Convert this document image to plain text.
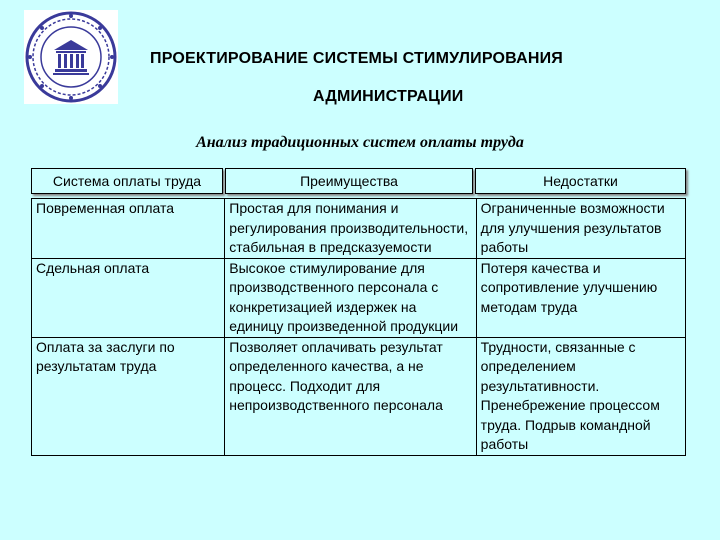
ПРОЕКТИРОВАНИЕ СИСТЕМЫ СТИМУЛИРОВАНИЯ
АДМИНИСТРАЦИИ
Анализ традиционных систем оплаты труда
Система оплаты труда	Преимущества	Недостатки
Повременная оплата	Простая для понимания и регулирования производительности, стабильная в предсказуемости	Ограниченные возможности для улучшения результатов работы
Сдельная оплата	Высокое стимулирование для производственного персонала с конкретизацией издержек на единицу произведенной продукции	Потеря качества и сопротивление улучшению методам труда
Оплата за заслуги по результатам труда	Позволяет оплачивать результат определенного качества, а не процесс. Подходит для непроизводственного персонала	Трудности, связанные с определением результативности. Пренебрежение процессом труда. Подрыв командной работы
